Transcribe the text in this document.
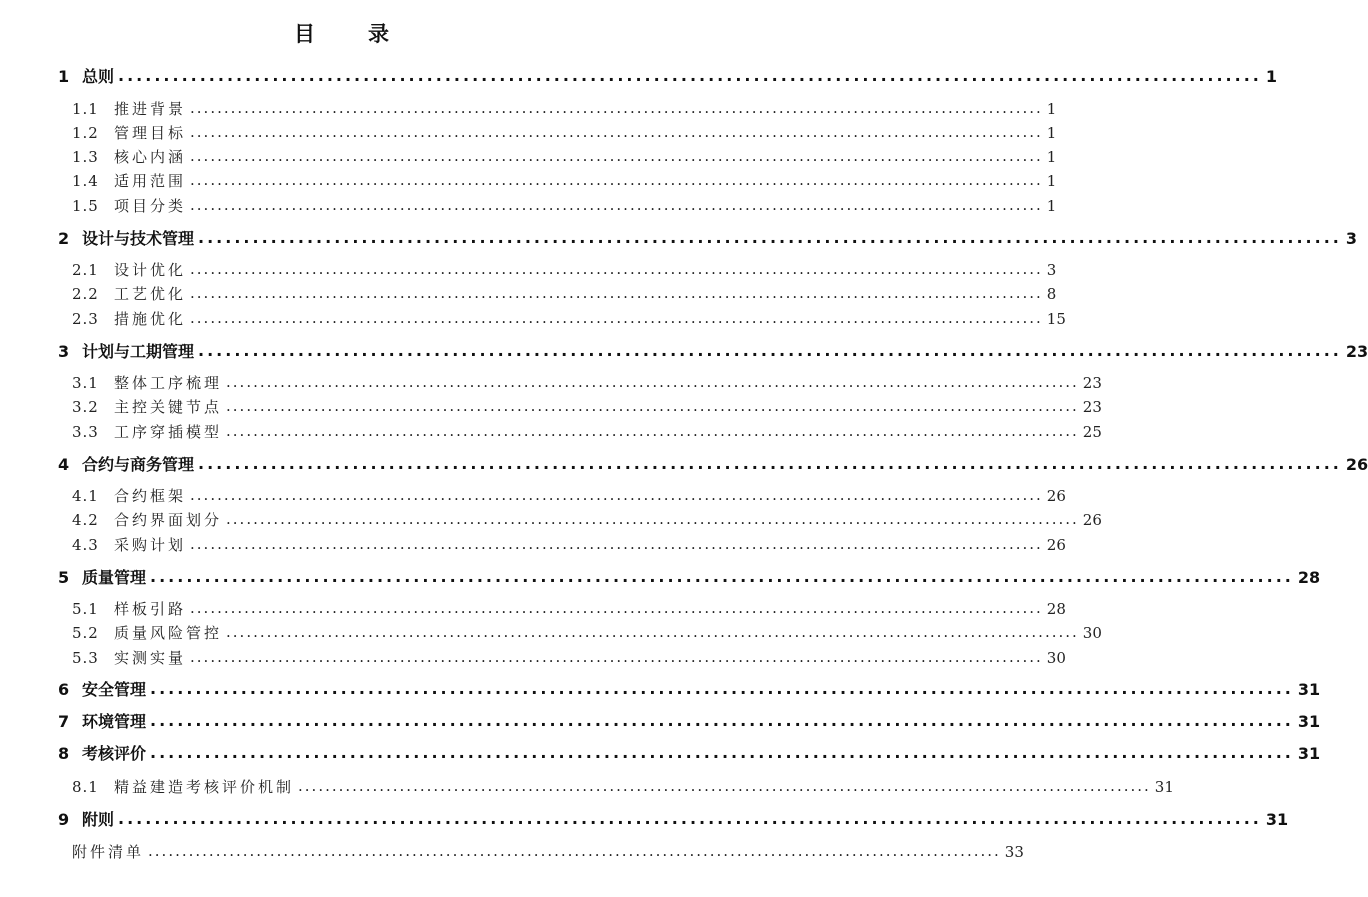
目　录
1 总则 .............................................................................................................................. 1
1.1	推进背景 .............................................................................................................................. 1
1.2	管理目标 .............................................................................................................................. 1
1.3	核心内涵 .............................................................................................................................. 1
1.4	适用范围 .............................................................................................................................. 1
1.5	项目分类 .............................................................................................................................. 1
2 设计与技术管理 .............................................................................................................................. 3
2.1	设计优化 .............................................................................................................................. 3
2.2	工艺优化 .............................................................................................................................. 8
2.3	措施优化 .............................................................................................................................. 15
3 计划与工期管理 .............................................................................................................................. 23
3.1	整体工序梳理 .............................................................................................................................. 23
3.2	主控关键节点 .............................................................................................................................. 23
3.3	工序穿插模型 .............................................................................................................................. 25
4 合约与商务管理 .............................................................................................................................. 26
4.1	合约框架 .............................................................................................................................. 26
4.2	合约界面划分 .............................................................................................................................. 26
4.3	采购计划 .............................................................................................................................. 26
5 质量管理 .............................................................................................................................. 28
5.1	样板引路 .............................................................................................................................. 28
5.2	质量风险管控 .............................................................................................................................. 30
5.3	实测实量 .............................................................................................................................. 30
6 安全管理 .............................................................................................................................. 31
7 环境管理 .............................................................................................................................. 31
8 考核评价 .............................................................................................................................. 31
8.1	精益建造考核评价机制 .............................................................................................................................. 31
9 附则 .............................................................................................................................. 31
附件清单 .............................................................................................................................. 33
